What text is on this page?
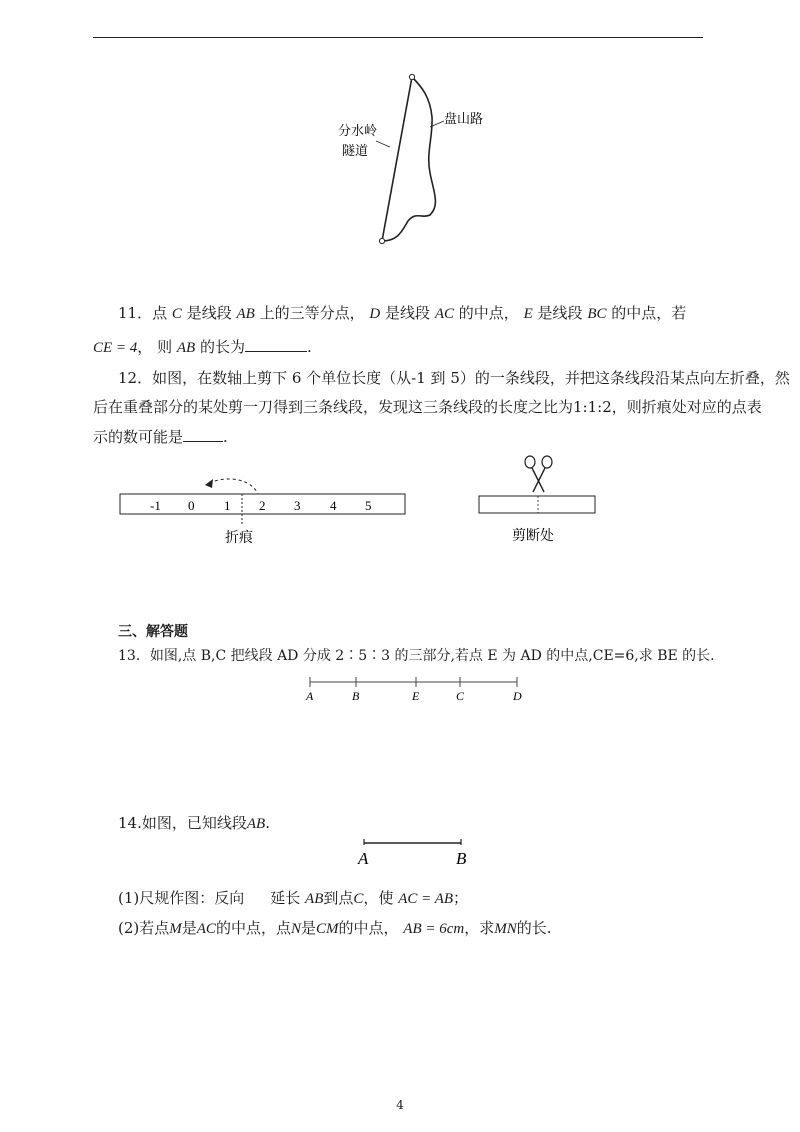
分水岭
隧道
盘山路
11．点 C 是线段 AB 上的三等分点， D 是线段 AC 的中点， E 是线段 BC 的中点，若
CE = 4， 则 AB 的长为	.
12．如图，在数轴上剪下 6 个单位长度（从-1 到 5）的一条线段，并把这条线段沿某点向左折叠，然
后在重叠部分的某处剪一刀得到三条线段，发现这三条线段的长度之比为1:1:2，则折痕处对应的点表
示的数可能是	.
-1 0 1 2 3 4 5
折痕	剪断处
三、解答题
13．如图,点 B,C 把线段 AD 分成 2∶5∶3 的三部分,若点 E 为 AD 的中点,CE=6,求 BE 的长.
A	B	E	C	D
14.如图，已知线段AB.
A	B
(1)尺规作图：反向 延长 AB到点C，使 AC = AB；
(2)若点M是AC的中点，点N是CM的中点， AB = 6cm，求MN的长.
4
